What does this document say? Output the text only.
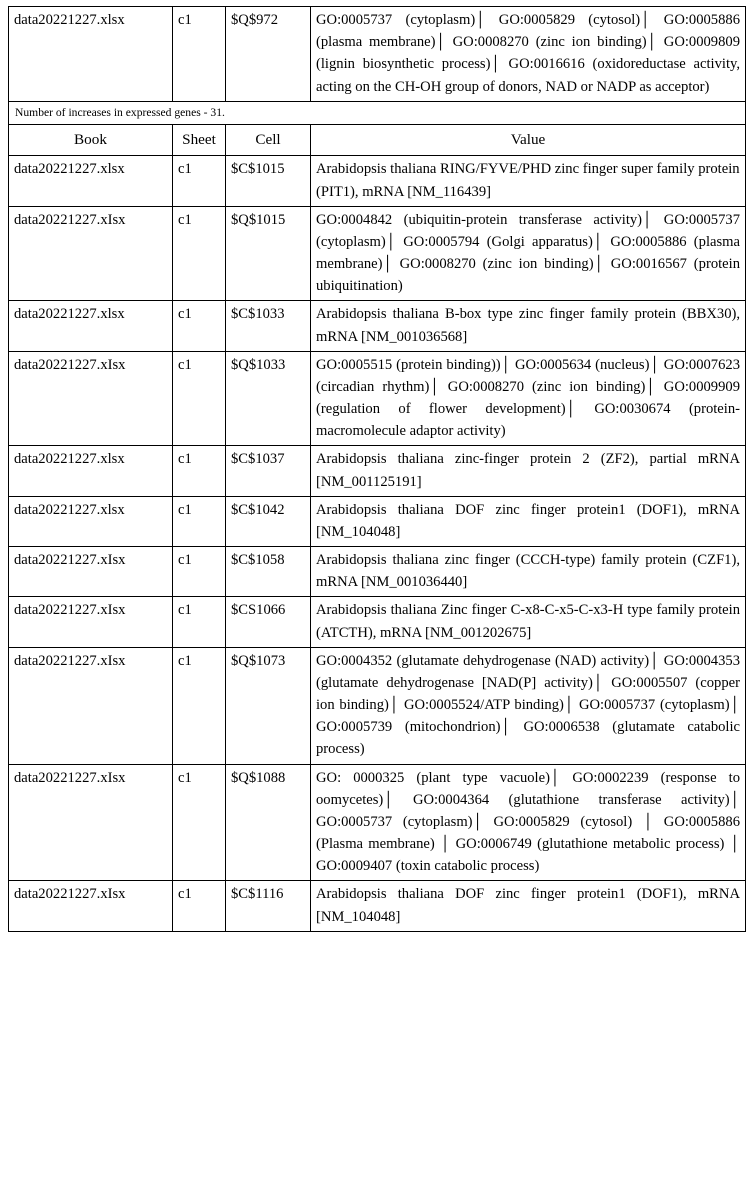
data20221227.xlsx	c1	$Q$972	GO:0005737 (cytoplasm)│ GO:0005829 (cytosol)│ GO:0005886 (plasma membrane)│ GO:0008270 (zinc ion binding)│ GO:0009809 (lignin biosynthetic process)│ GO:0016616 (oxidoreductase activity, acting on the CH-OH group of donors, NAD or NADP as acceptor)
Number of increases in expressed genes - 31.
Book	Sheet	Cell	Value
data20221227.xlsx	c1	$C$1015	Arabidopsis thaliana RING/FYVE/PHD zinc finger super family protein (PIT1), mRNA [NM_116439]
data20221227.xIsx	c1	$Q$1015	GO:0004842 (ubiquitin-protein transferase activity)│ GO:0005737 (cytoplasm)│ GO:0005794 (Golgi apparatus)│ GO:0005886 (plasma membrane)│ GO:0008270 (zinc ion binding)│ GO:0016567 (protein ubiquitination)
data20221227.xlsx	c1	$C$1033	Arabidopsis thaliana B-box type zinc finger family protein (BBX30), mRNA [NM_001036568]
data20221227.xIsx	c1	$Q$1033	GO:0005515 (protein binding))│ GO:0005634 (nucleus)│ GO:0007623 (circadian rhythm)│ GO:0008270 (zinc ion binding)│ GO:0009909 (regulation of flower development)│ GO:0030674 (protein-macromolecule adaptor activity)
data20221227.xlsx	c1	$C$1037	Arabidopsis thaliana zinc-finger protein 2 (ZF2), partial mRNA [NM_001125191]
data20221227.xlsx	c1	$C$1042	Arabidopsis thaliana DOF zinc finger protein1 (DOF1), mRNA [NM_104048]
data20221227.xIsx	c1	$C$1058	Arabidopsis thaliana zinc finger (CCCH-type) family protein (CZF1), mRNA [NM_001036440]
data20221227.xIsx	c1	$CS1066	Arabidopsis thaliana Zinc finger C-x8-C-x5-C-x3-H type family protein (ATCTH), mRNA [NM_001202675]
data20221227.xIsx	c1	$Q$1073	GO:0004352 (glutamate dehydrogenase (NAD) activity)│ GO:0004353 (glutamate dehydrogenase [NAD(P] activity)│ GO:0005507 (copper ion binding)│ GO:0005524/ATP binding)│ GO:0005737 (cytoplasm)│ GO:0005739 (mitochondrion)│ GO:0006538 (glutamate catabolic process)
data20221227.xIsx	c1	$Q$1088	GO: 0000325 (plant type vacuole)│ GO:0002239 (response to oomycetes)│ GO:0004364 (glutathione transferase activity)│ GO:0005737 (cytoplasm)│ GO:0005829 (cytosol) │ GO:0005886 (Plasma membrane) │ GO:0006749 (glutathione metabolic process) │ GO:0009407 (toxin catabolic process)
data20221227.xIsx	c1	$C$1116	Arabidopsis thaliana DOF zinc finger protein1 (DOF1), mRNA [NM_104048]
